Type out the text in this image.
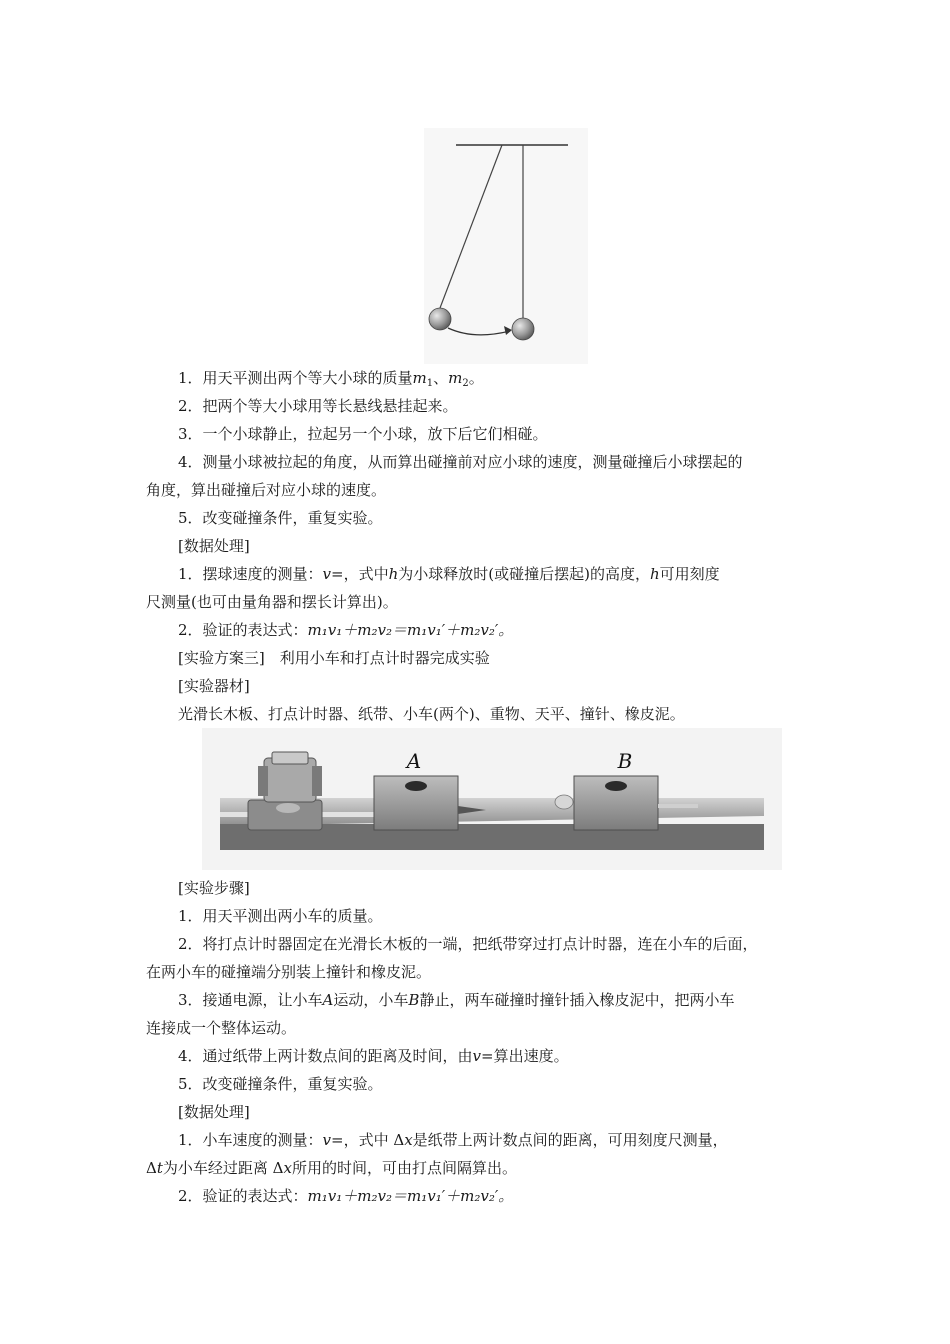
1．用天平测出两个等大小球的质量$m_1$、$m_2$。
2．把两个等大小球用等长悬线悬挂起来。
3．一个小球静止，拉起另一个小球，放下后它们相碰。
4．测量小球被拉起的角度，从而算出碰撞前对应小球的速度，测量碰撞后小球摆起的
角度，算出碰撞后对应小球的速度。
5．改变碰撞条件，重复实验。
[数据处理]
1．摆球速度的测量：v=，式中h为小球释放时(或碰撞后摆起)的高度，h可用刻度
尺测量(也可由量角器和摆长计算出)。
2．验证的表达式：m₁v₁＋m₂v₂＝m₁v₁′＋m₂v₂′。
[实验方案三]　利用小车和打点计时器完成实验
[实验器材]
光滑长木板、打点计时器、纸带、小车(两个)、重物、天平、撞针、橡皮泥。
A	B
[实验步骤]
1．用天平测出两小车的质量。
2．将打点计时器固定在光滑长木板的一端，把纸带穿过打点计时器，连在小车的后面，
在两小车的碰撞端分别装上撞针和橡皮泥。
3．接通电源，让小车A运动，小车B静止，两车碰撞时撞针插入橡皮泥中，把两小车
连接成一个整体运动。
4．通过纸带上两计数点间的距离及时间，由v=算出速度。
5．改变碰撞条件，重复实验。
[数据处理]
1．小车速度的测量：v=，式中 Δx是纸带上两计数点间的距离，可用刻度尺测量，
Δt为小车经过距离 Δx所用的时间，可由打点间隔算出。
2．验证的表达式：m₁v₁＋m₂v₂＝m₁v₁′＋m₂v₂′。
